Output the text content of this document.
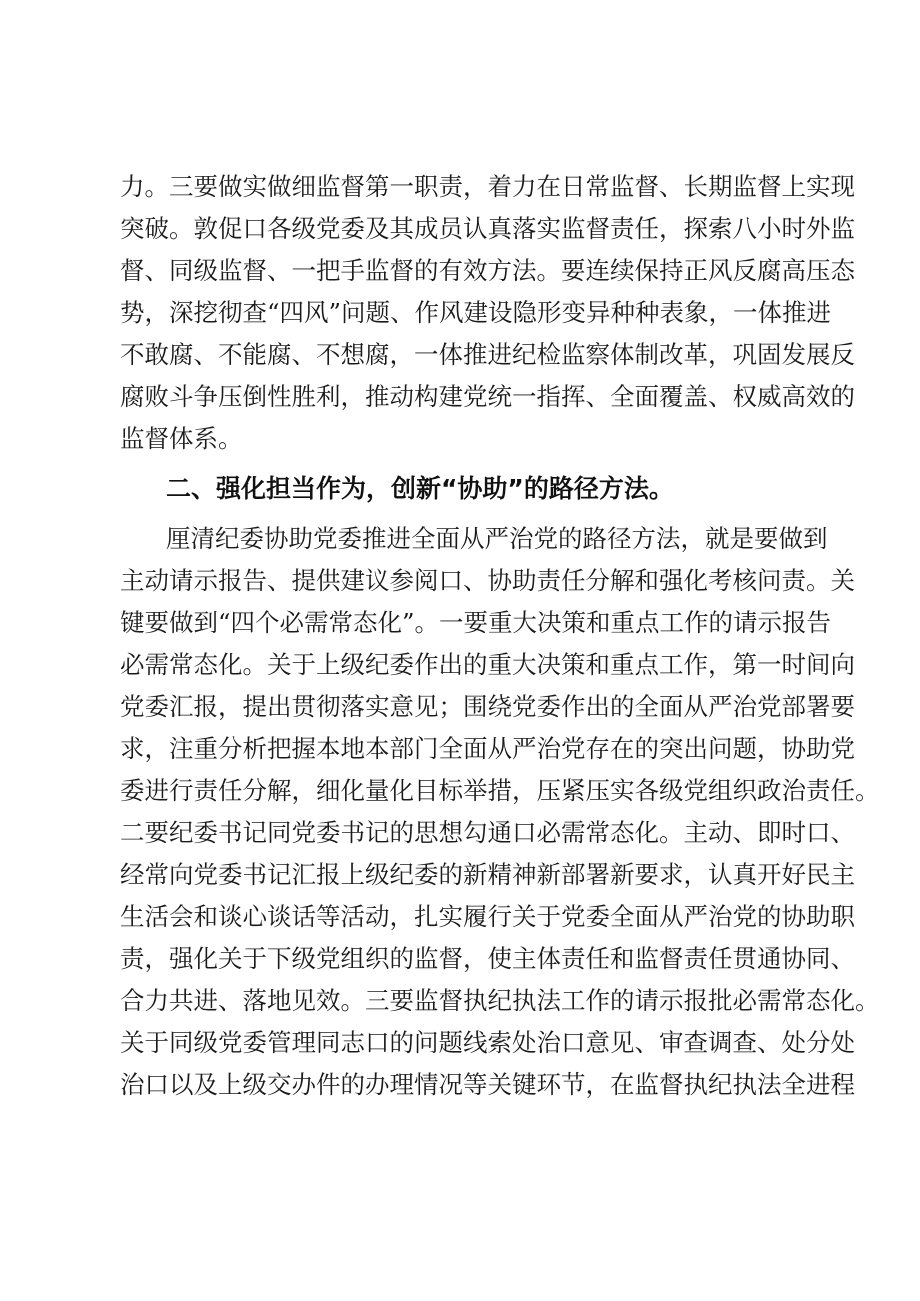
力。三要做实做细监督第一职责，着力在日常监督、长期监督上实现
突破。敦促口各级党委及其成员认真落实监督责任，探索八小时外监
督、同级监督、一把手监督的有效方法。要连续保持正风反腐高压态
势，深挖彻查“四风”问题、作风建设隐形变异种种表象，一体推进
不敢腐、不能腐、不想腐，一体推进纪检监察体制改革，巩固发展反
腐败斗争压倒性胜利，推动构建党统一指挥、全面覆盖、权威高效的
监督体系。
二、强化担当作为，创新“协助”的路径方法。
厘清纪委协助党委推进全面从严治党的路径方法，就是要做到
主动请示报告、提供建议参阅口、协助责任分解和强化考核问责。关
键要做到“四个必需常态化”。一要重大决策和重点工作的请示报告
必需常态化。关于上级纪委作出的重大决策和重点工作，第一时间向
党委汇报，提出贯彻落实意见；围绕党委作出的全面从严治党部署要
求，注重分析把握本地本部门全面从严治党存在的突出问题，协助党
委进行责任分解，细化量化目标举措，压紧压实各级党组织政治责任。
二要纪委书记同党委书记的思想勾通口必需常态化。主动、即时口、
经常向党委书记汇报上级纪委的新精神新部署新要求，认真开好民主
生活会和谈心谈话等活动，扎实履行关于党委全面从严治党的协助职
责，强化关于下级党组织的监督，使主体责任和监督责任贯通协同、
合力共进、落地见效。三要监督执纪执法工作的请示报批必需常态化。
关于同级党委管理同志口的问题线索处治口意见、审查调查、处分处
治口以及上级交办件的办理情况等关键环节，在监督执纪执法全进程
